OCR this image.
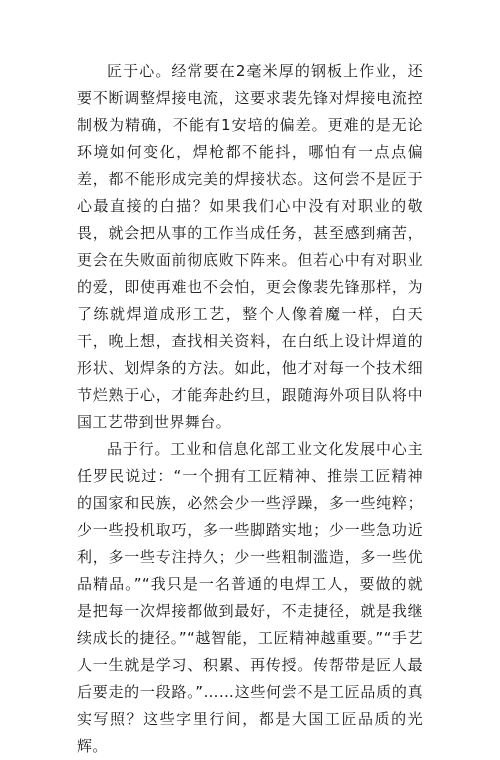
匠于心。经常要在2毫米厚的钢板上作业，还要不断调整焊接电流，这要求裴先锋对焊接电流控制极为精确，不能有1安培的偏差。更难的是无论环境如何变化，焊枪都不能抖，哪怕有一点点偏差，都不能形成完美的焊接状态。这何尝不是匠于心最直接的白描？如果我们心中没有对职业的敬畏，就会把从事的工作当成任务，甚至感到痛苦，更会在失败面前彻底败下阵来。但若心中有对职业的爱，即使再难也不会怕，更会像裴先锋那样，为了练就焊道成形工艺，整个人像着魔一样，白天干，晚上想，查找相关资料，在白纸上设计焊道的形状、划焊条的方法。如此，他才对每一个技术细节烂熟于心，才能奔赴约旦，跟随海外项目队将中国工艺带到世界舞台。

品于行。工业和信息化部工业文化发展中心主任罗民说过：“一个拥有工匠精神、推崇工匠精神的国家和民族，必然会少一些浮躁，多一些纯粹；少一些投机取巧，多一些脚踏实地；少一些急功近利，多一些专注持久；少一些粗制滥造，多一些优品精品。”“我只是一名普通的电焊工人，要做的就是把每一次焊接都做到最好，不走捷径，就是我继续成长的捷径。”“越智能，工匠精神越重要。”“手艺人一生就是学习、积累、再传授。传帮带是匠人最后要走的一段路。”……这些何尝不是工匠品质的真实写照？这些字里行间，都是大国工匠品质的光辉。
